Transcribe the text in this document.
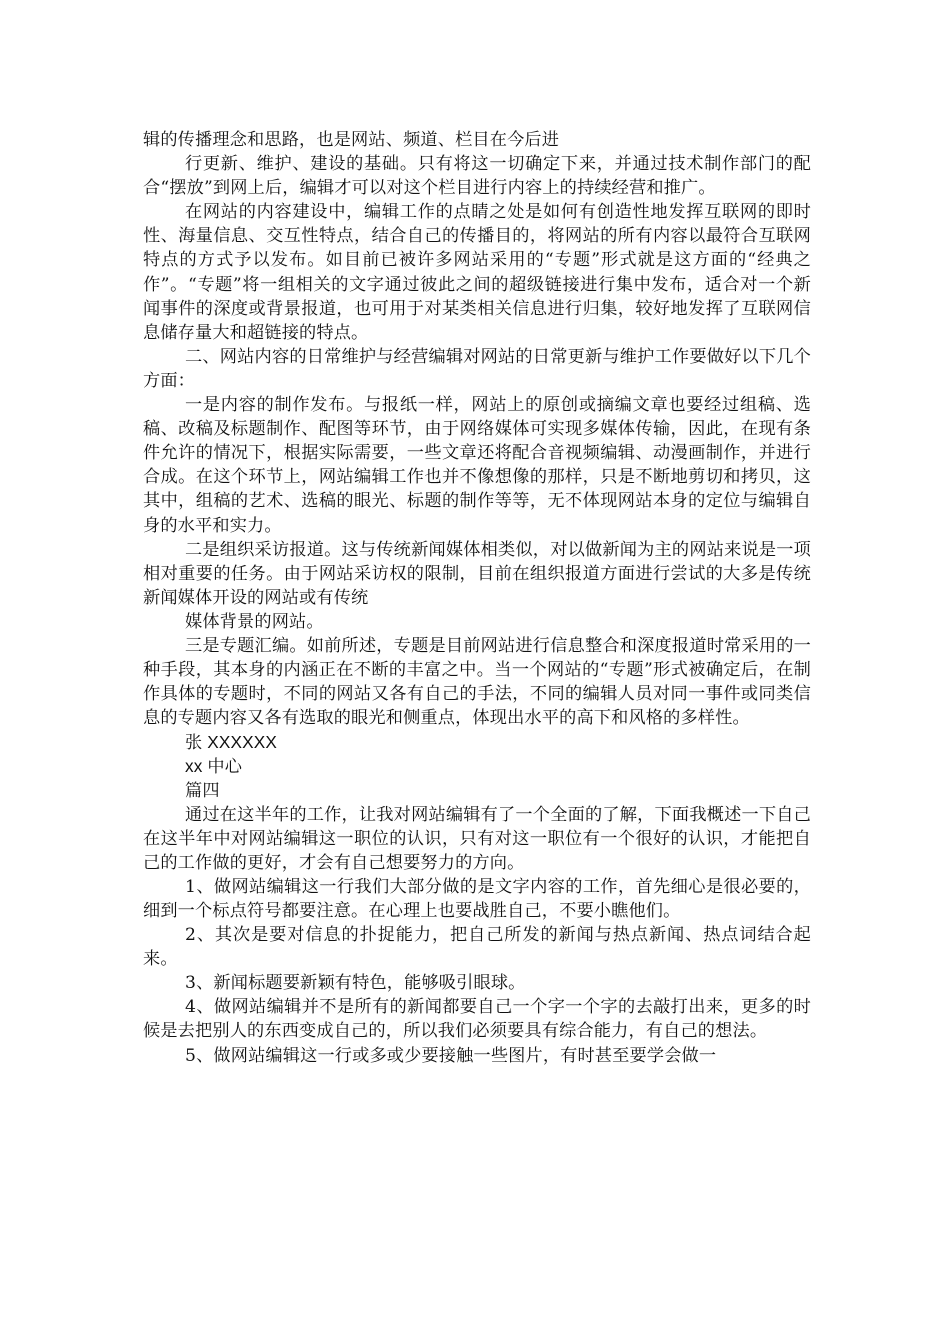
辑的传播理念和思路，也是网站、频道、栏目在今后进

行更新、维护、建设的基础。只有将这一切确定下来，并通过技术制作部门的配合“摆放”到网上后，编辑才可以对这个栏目进行内容上的持续经营和推广。

在网站的内容建设中，编辑工作的点睛之处是如何有创造性地发挥互联网的即时性、海量信息、交互性特点，结合自己的传播目的，将网站的所有内容以最符合互联网特点的方式予以发布。如目前已被许多网站采用的“专题”形式就是这方面的“经典之作”。“专题”将一组相关的文字通过彼此之间的超级链接进行集中发布，适合对一个新闻事件的深度或背景报道，也可用于对某类相关信息进行归集，较好地发挥了互联网信息储存量大和超链接的特点。

二、网站内容的日常维护与经营编辑对网站的日常更新与维护工作要做好以下几个方面：

一是内容的制作发布。与报纸一样，网站上的原创或摘编文章也要经过组稿、选稿、改稿及标题制作、配图等环节，由于网络媒体可实现多媒体传输，因此，在现有条件允许的情况下，根据实际需要，一些文章还将配合音视频编辑、动漫画制作，并进行合成。在这个环节上，网站编辑工作也并不像想像的那样，只是不断地剪切和拷贝，这其中，组稿的艺术、选稿的眼光、标题的制作等等，无不体现网站本身的定位与编辑自身的水平和实力。

二是组织采访报道。这与传统新闻媒体相类似，对以做新闻为主的网站来说是一项相对重要的任务。由于网站采访权的限制，目前在组织报道方面进行尝试的大多是传统新闻媒体开设的网站或有传统

媒体背景的网站。

三是专题汇编。如前所述，专题是目前网站进行信息整合和深度报道时常采用的一种手段，其本身的内涵正在不断的丰富之中。当一个网站的“专题”形式被确定后，在制作具体的专题时，不同的网站又各有自己的手法，不同的编辑人员对同一事件或同类信息的专题内容又各有选取的眼光和侧重点，体现出水平的高下和风格的多样性。

张 XXXXXX

xx 中心

篇四

通过在这半年的工作，让我对网站编辑有了一个全面的了解，下面我概述一下自己在这半年中对网站编辑这一职位的认识，只有对这一职位有一个很好的认识，才能把自己的工作做的更好，才会有自己想要努力的方向。

1、做网站编辑这一行我们大部分做的是文字内容的工作，首先细心是很必要的，细到一个标点符号都要注意。在心理上也要战胜自己，不要小瞧他们。

2、其次是要对信息的扑捉能力，把自己所发的新闻与热点新闻、热点词结合起来。

3、新闻标题要新颖有特色，能够吸引眼球。

4、做网站编辑并不是所有的新闻都要自己一个字一个字的去敲打出来，更多的时候是去把别人的东西变成自己的，所以我们必须要具有综合能力，有自己的想法。

5、做网站编辑这一行或多或少要接触一些图片，有时甚至要学会做一
